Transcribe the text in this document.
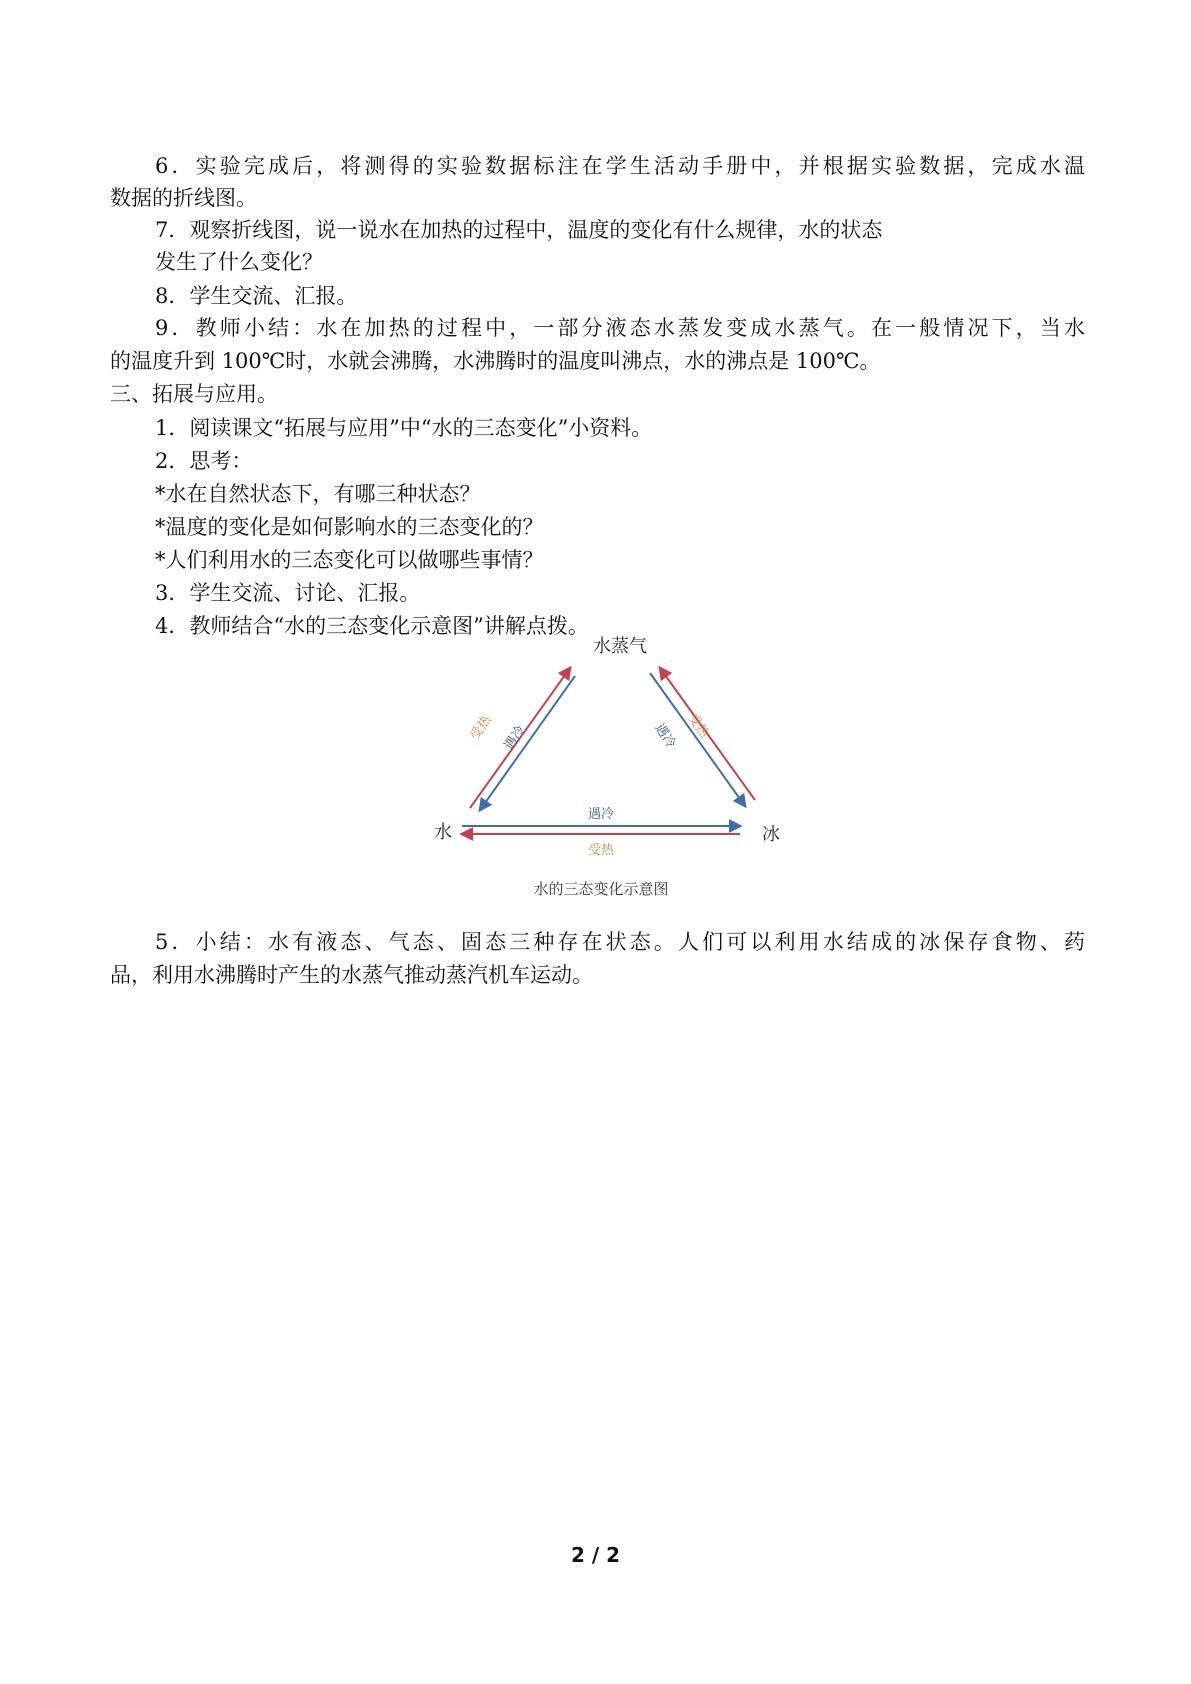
6．实验完成后，将测得的实验数据标注在学生活动手册中，并根据实验数据，完成水温
数据的折线图。
7．观察折线图，说一说水在加热的过程中，温度的变化有什么规律，水的状态
发生了什么变化？
8．学生交流、汇报。
9．教师小结：水在加热的过程中，一部分液态水蒸发变成水蒸气。在一般情况下，当水
的温度升到 100℃时，水就会沸腾，水沸腾时的温度叫沸点，水的沸点是 100℃。
三、拓展与应用。
1．阅读课文“拓展与应用”中“水的三态变化”小资料。
2．思考：
*水在自然状态下，有哪三种状态？
*温度的变化是如何影响水的三态变化的？
*人们利用水的三态变化可以做哪些事情？
3．学生交流、讨论、汇报。
4．教师结合“水的三态变化示意图”讲解点拨。
水蒸气
水	冰
受热 遇冷	遇冷 受热
遇冷
受热
水的三态变化示意图
5．小结：水有液态、气态、固态三种存在状态。人们可以利用水结成的冰保存食物、药
品，利用水沸腾时产生的水蒸气推动蒸汽机车运动。
2 / 2
